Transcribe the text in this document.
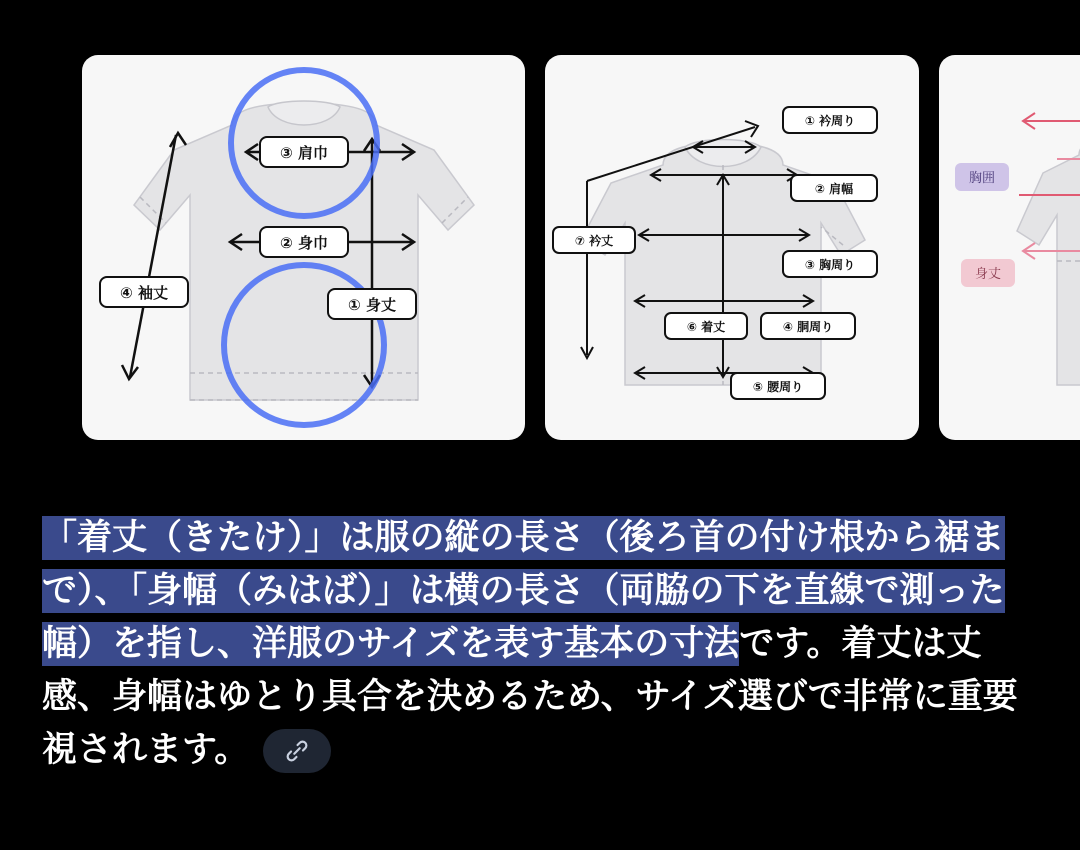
③ 肩巾
② 身巾
④ 袖丈
① 身丈
① 衿周り
② 肩幅
③ 胸周り
⑦ 衿丈
⑥ 着丈	④ 胴周り
⑤ 腰周り
胸囲
身丈
「着丈（きたけ）」は服の縦の長さ（後ろ首の付け根から裾まで）、「身幅（みはば）」は横の長さ（両脇の下を直線で測った幅）を指し、洋服のサイズを表す基本の寸法です。着丈は丈感、身幅はゆとり具合を決めるため、サイズ選びで非常に重要視されます。
